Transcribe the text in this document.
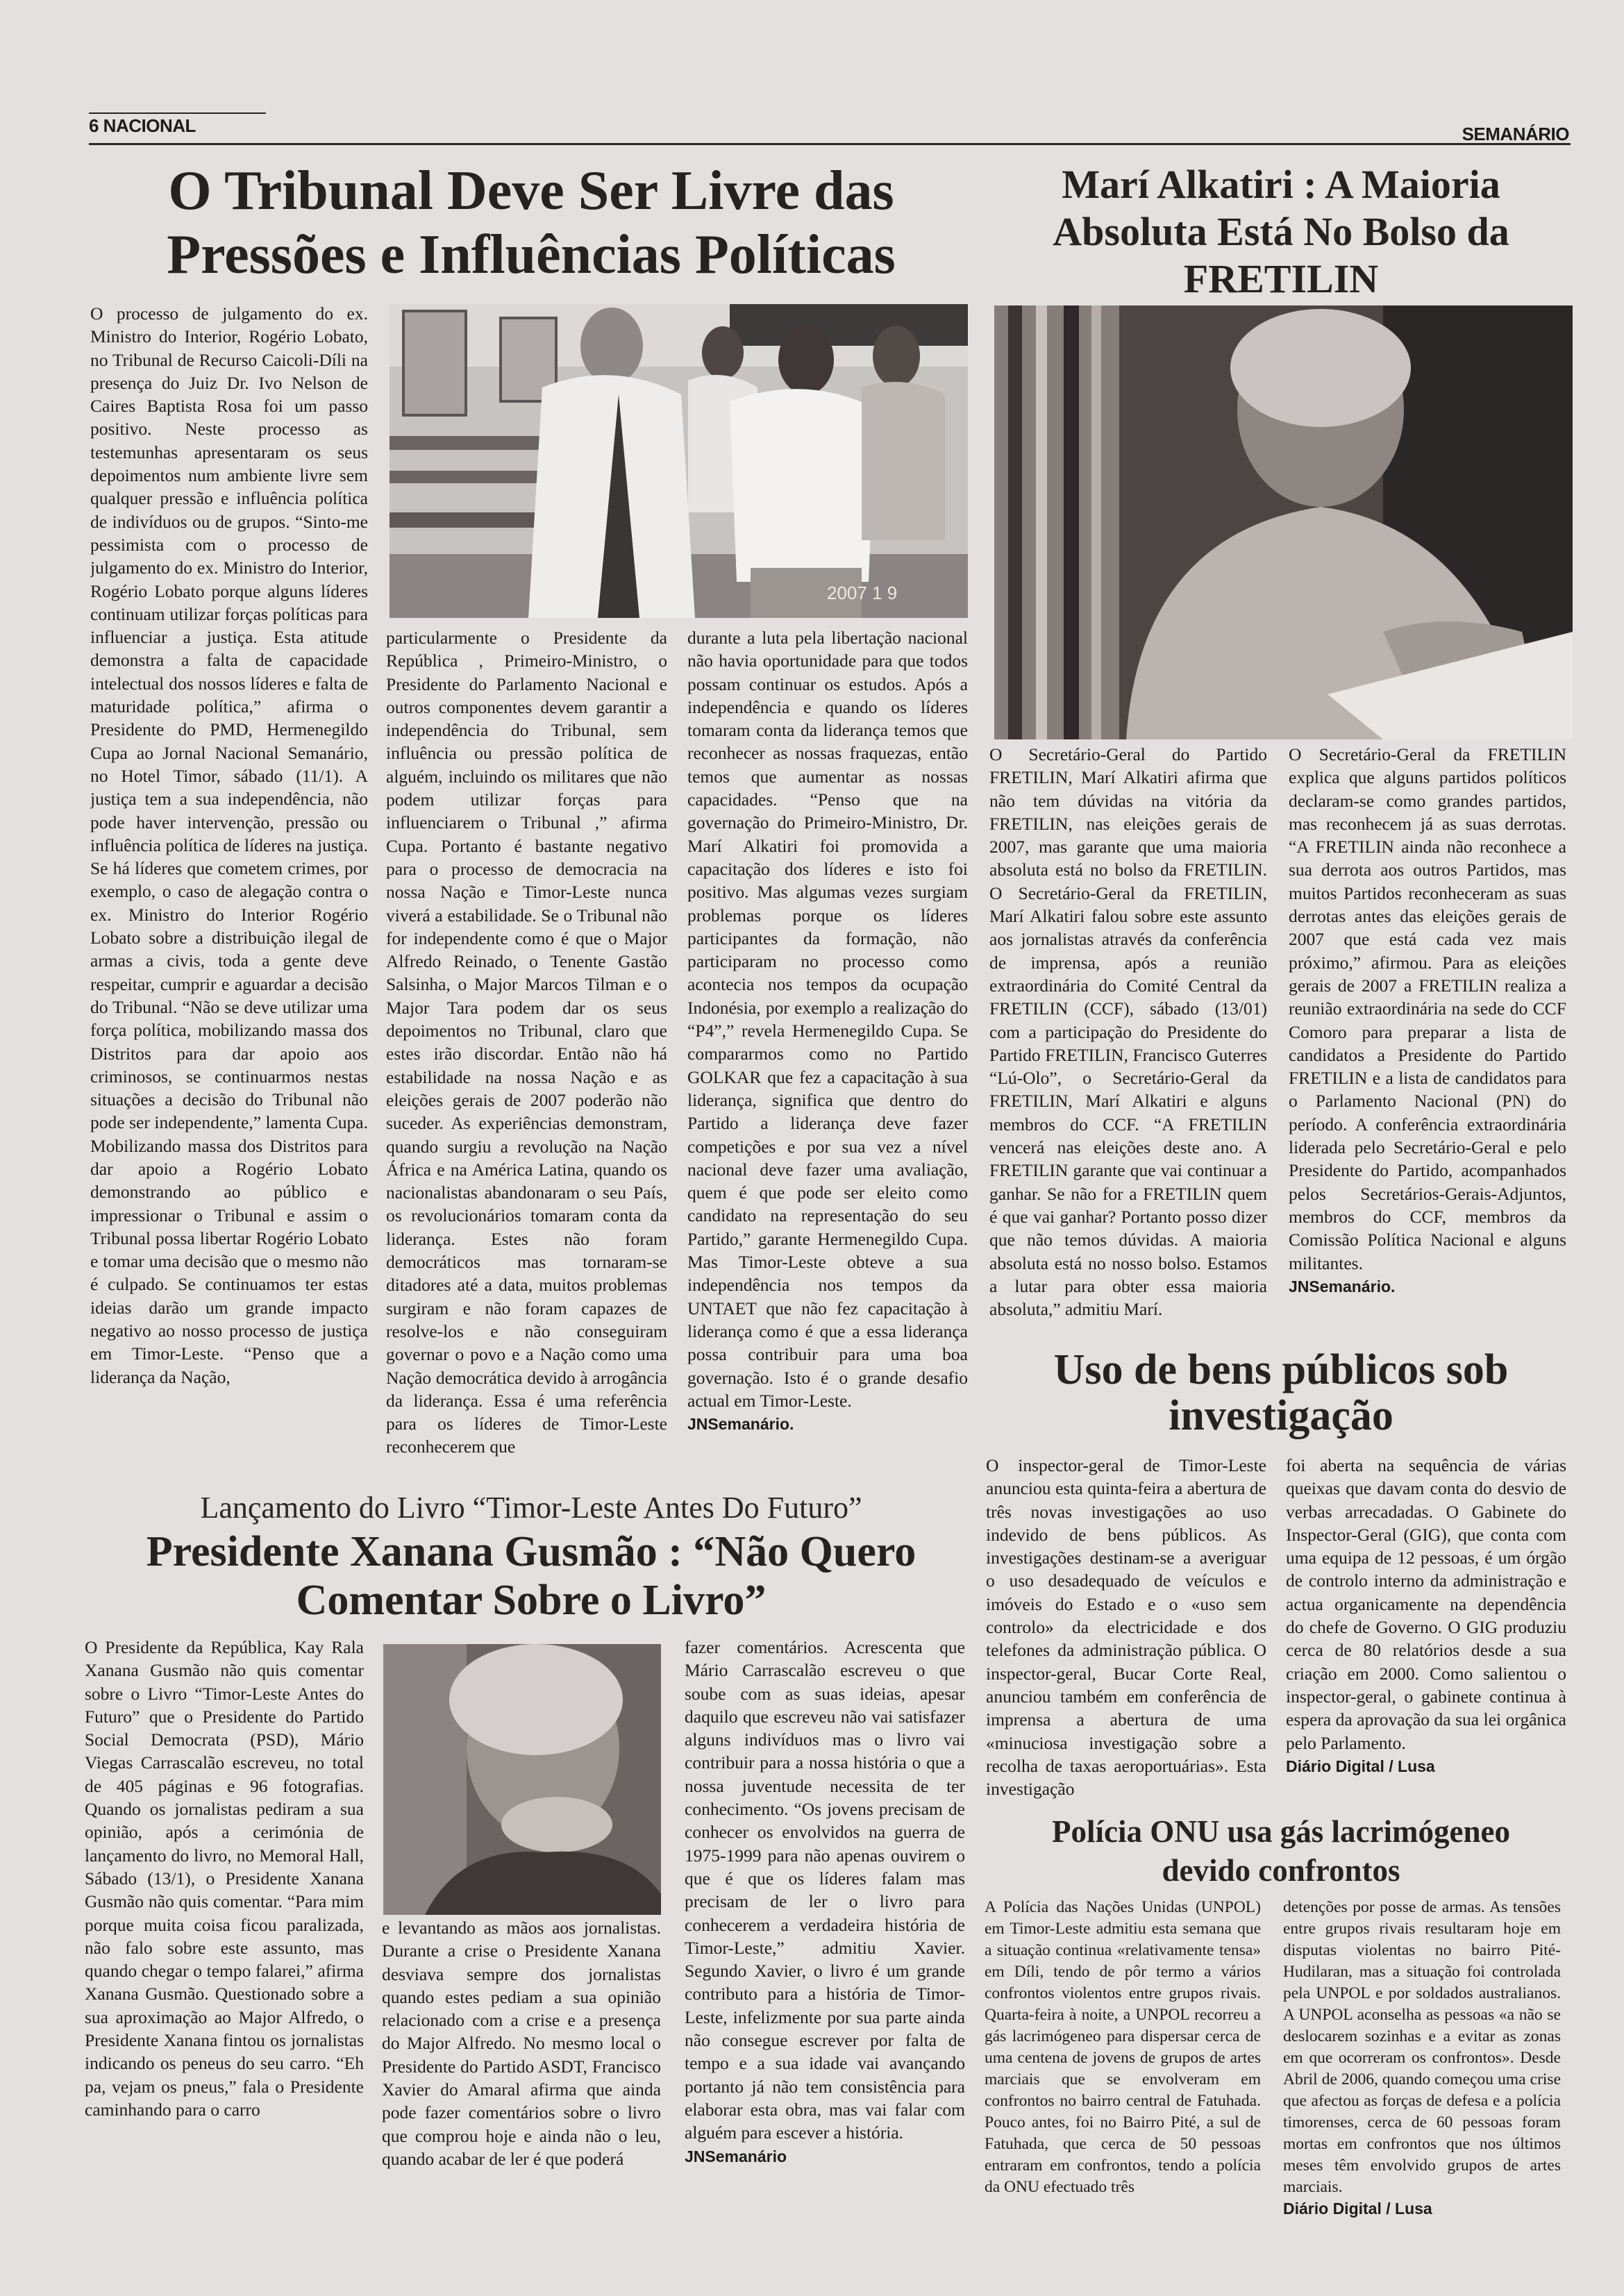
6 NACIONAL	SEMANÁRIO
O Tribunal Deve Ser Livre das
Pressões e Influências Políticas
2007 1 9

O processo de julgamento do ex. Ministro do Interior, Rogério Lobato, no Tribunal de Recurso Caicoli-Díli na presença do Juiz Dr. Ivo Nelson de Caires Baptista Rosa foi um passo positivo. Neste processo as testemunhas apresentaram os seus depoimentos num ambiente livre sem qualquer pressão e influência política de indivíduos ou de grupos. “Sinto-me pessimista com o processo de julgamento do ex. Ministro do Interior, Rogério Lobato porque alguns líderes continuam utilizar forças políticas para influenciar a justiça. Esta atitude demonstra a falta de capacidade intelectual dos nossos líderes e falta de maturidade política,” afirma o Presidente do PMD, Hermenegildo Cupa ao Jornal Nacional Semanário, no Hotel Timor, sábado (11/1). A justiça tem a sua independência, não pode haver intervenção, pressão ou influência política de líderes na justiça. Se há líderes que cometem crimes, por exemplo, o caso de alegação contra o ex. Ministro do Interior Rogério Lobato sobre a distribuição ilegal de armas a civis, toda a gente deve respeitar, cumprir e aguardar a decisão do Tribunal. “Não se deve utilizar uma força política, mobilizando massa dos Distritos para dar apoio aos criminosos, se continuarmos nestas situações a decisão do Tribunal não pode ser independente,” lamenta Cupa. Mobilizando massa dos Distritos para dar apoio a Rogério Lobato demonstrando ao público e impressionar o Tribunal e assim o Tribunal possa libertar Rogério Lobato e tomar uma decisão que o mesmo não é culpado. Se continuamos ter estas ideias darão um grande impacto negativo ao nosso processo de justiça em Timor-Leste. “Penso que a liderança da Nação,

particularmente o Presidente da República , Primeiro-Ministro, o Presidente do Parlamento Nacional e outros componentes devem garantir a independência do Tribunal, sem influência ou pressão política de alguém, incluindo os militares que não podem utilizar forças para influenciarem o Tribunal ,” afirma Cupa. Portanto é bastante negativo para o processo de democracia na nossa Nação e Timor-Leste nunca viverá a estabilidade. Se o Tribunal não for independente como é que o Major Alfredo Reinado, o Tenente Gastão Salsinha, o Major Marcos Tilman e o Major Tara podem dar os seus depoimentos no Tribunal, claro que estes irão discordar. Então não há estabilidade na nossa Nação e as eleições gerais de 2007 poderão não suceder. As experiências demonstram, quando surgiu a revolução na Nação África e na América Latina, quando os nacionalistas abandonaram o seu País, os revolucionários tomaram conta da liderança. Estes não foram democráticos mas tornaram-se ditadores até a data, muitos problemas surgiram e não foram capazes de resolve-los e não conseguiram governar o povo e a Nação como uma Nação democrática devido à arrogância da liderança. Essa é uma referência para os líderes de Timor-Leste reconhecerem que

durante a luta pela libertação nacional não havia oportunidade para que todos possam continuar os estudos. Após a independência e quando os líderes tomaram conta da liderança temos que reconhecer as nossas fraquezas, então temos que aumentar as nossas capacidades. “Penso que na governação do Primeiro-Ministro, Dr. Marí Alkatiri foi promovida a capacitação dos líderes e isto foi positivo. Mas algumas vezes surgiam problemas porque os líderes participantes da formação, não participaram no processo como acontecia nos tempos da ocupação Indonésia, por exemplo a realização do “P4”,” revela Hermenegildo Cupa. Se compararmos como no Partido GOLKAR que fez a capacitação à sua liderança, significa que dentro do Partido a liderança deve fazer competições e por sua vez a nível nacional deve fazer uma avaliação, quem é que pode ser eleito como candidato na representação do seu Partido,” garante Hermenegildo Cupa. Mas Timor-Leste obteve a sua independência nos tempos da UNTAET que não fez capacitação à liderança como é que a essa liderança possa contribuir para uma boa governação. Isto é o grande desafio actual em Timor-Leste.

JNSemanário.
Marí Alkatiri : A Maioria
Absoluta Está No Bolso da
FRETILIN

O Secretário-Geral do Partido FRETILIN, Marí Alkatiri afirma que não tem dúvidas na vitória da FRETILIN, nas eleições gerais de 2007, mas garante que uma maioria absoluta está no bolso da FRETILIN. O Secretário-Geral da FRETILIN, Marí Alkatiri falou sobre este assunto aos jornalistas através da conferência de imprensa, após a reunião extraordinária do Comité Central da FRETILIN (CCF), sábado (13/01) com a participação do Presidente do Partido FRETILIN, Francisco Guterres “Lú-Olo”, o Secretário-Geral da FRETILIN, Marí Alkatiri e alguns membros do CCF. “A FRETILIN vencerá nas eleições deste ano. A FRETILIN garante que vai continuar a ganhar. Se não for a FRETILIN quem é que vai ganhar? Portanto posso dizer que não temos dúvidas. A maioria absoluta está no nosso bolso. Estamos a lutar para obter essa maioria absoluta,” admitiu Marí.

O Secretário-Geral da FRETILIN explica que alguns partidos políticos declaram-se como grandes partidos, mas reconhecem já as suas derrotas. “A FRETILIN ainda não reconhece a sua derrota aos outros Partidos, mas muitos Partidos reconheceram as suas derrotas antes das eleições gerais de 2007 que está cada vez mais próximo,” afirmou. Para as eleições gerais de 2007 a FRETILIN realiza a reunião extraordinária na sede do CCF Comoro para preparar a lista de candidatos a Presidente do Partido FRETILIN e a lista de candidatos para o Parlamento Nacional (PN) do período. A conferência extraordinária liderada pelo Secretário-Geral e pelo Presidente do Partido, acompanhados pelos Secretários-Gerais-Adjuntos, membros do CCF, membros da Comissão Política Nacional e alguns militantes.

JNSemanário.
Uso de bens públicos sob
investigação

O inspector-geral de Timor-Leste anunciou esta quinta-feira a abertura de três novas investigações ao uso indevido de bens públicos. As investigações destinam-se a averiguar o uso desadequado de veículos e imóveis do Estado e o «uso sem controlo» da electricidade e dos telefones da administração pública. O inspector-geral, Bucar Corte Real, anunciou também em conferência de imprensa a abertura de uma «minuciosa investigação sobre a recolha de taxas aeroportuárias». Esta investigação

foi aberta na sequência de várias queixas que davam conta do desvio de verbas arrecadadas. O Gabinete do Inspector-Geral (GIG), que conta com uma equipa de 12 pessoas, é um órgão de controlo interno da administração e actua organicamente na dependência do chefe de Governo. O GIG produziu cerca de 80 relatórios desde a sua criação em 2000. Como salientou o inspector-geral, o gabinete continua à espera da aprovação da sua lei orgânica pelo Parlamento.

Diário Digital / Lusa
Polícia ONU usa gás lacrimógeneo
devido confrontos

A Polícia das Nações Unidas (UNPOL) em Timor-Leste admitiu esta semana que a situação continua «relativamente tensa» em Díli, tendo de pôr termo a vários confrontos violentos entre grupos rivais. Quarta-feira à noite, a UNPOL recorreu a gás lacrimógeneo para dispersar cerca de uma centena de jovens de grupos de artes marciais que se envolveram em confrontos no bairro central de Fatuhada. Pouco antes, foi no Bairro Pité, a sul de Fatuhada, que cerca de 50 pessoas entraram em confrontos, tendo a polícia da ONU efectuado três

detenções por posse de armas. As tensões entre grupos rivais resultaram hoje em disputas violentas no bairro Pité-Hudilaran, mas a situação foi controlada pela UNPOL e por soldados australianos. A UNPOL aconselha as pessoas «a não se deslocarem sozinhas e a evitar as zonas em que ocorreram os confrontos». Desde Abril de 2006, quando começou uma crise que afectou as forças de defesa e a polícia timorenses, cerca de 60 pessoas foram mortas em confrontos que nos últimos meses têm envolvido grupos de artes marciais.

Diário Digital / Lusa
Lançamento do Livro “Timor-Leste Antes Do Futuro”
Presidente Xanana Gusmão : “Não Quero
Comentar Sobre o Livro”

O Presidente da República, Kay Rala Xanana Gusmão não quis comentar sobre o Livro “Timor-Leste Antes do Futuro” que o Presidente do Partido Social Democrata (PSD), Mário Viegas Carrascalão escreveu, no total de 405 páginas e 96 fotografias. Quando os jornalistas pediram a sua opinião, após a cerimónia de lançamento do livro, no Memoral Hall, Sábado (13/1), o Presidente Xanana Gusmão não quis comentar. “Para mim porque muita coisa ficou paralizada, não falo sobre este assunto, mas quando chegar o tempo falarei,” afirma Xanana Gusmão. Questionado sobre a sua aproximação ao Major Alfredo, o Presidente Xanana fintou os jornalistas indicando os peneus do seu carro. “Eh pa, vejam os pneus,” fala o Presidente caminhando para o carro

e levantando as mãos aos jornalistas. Durante a crise o Presidente Xanana desviava sempre dos jornalistas quando estes pediam a sua opinião relacionado com a crise e a presença do Major Alfredo. No mesmo local o Presidente do Partido ASDT, Francisco Xavier do Amaral afirma que ainda pode fazer comentários sobre o livro que comprou hoje e ainda não o leu, quando acabar de ler é que poderá

fazer comentários. Acrescenta que Mário Carrascalão escreveu o que soube com as suas ideias, apesar daquilo que escreveu não vai satisfazer alguns indivíduos mas o livro vai contribuir para a nossa história o que a nossa juventude necessita de ter conhecimento. “Os jovens precisam de conhecer os envolvidos na guerra de 1975-1999 para não apenas ouvirem o que é que os líderes falam mas precisam de ler o livro para conhecerem a verdadeira história de Timor-Leste,” admitiu Xavier. Segundo Xavier, o livro é um grande contributo para a história de Timor-Leste, infelizmente por sua parte ainda não consegue escrever por falta de tempo e a sua idade vai avançando portanto já não tem consistência para elaborar esta obra, mas vai falar com alguém para escever a história.

JNSemanário
